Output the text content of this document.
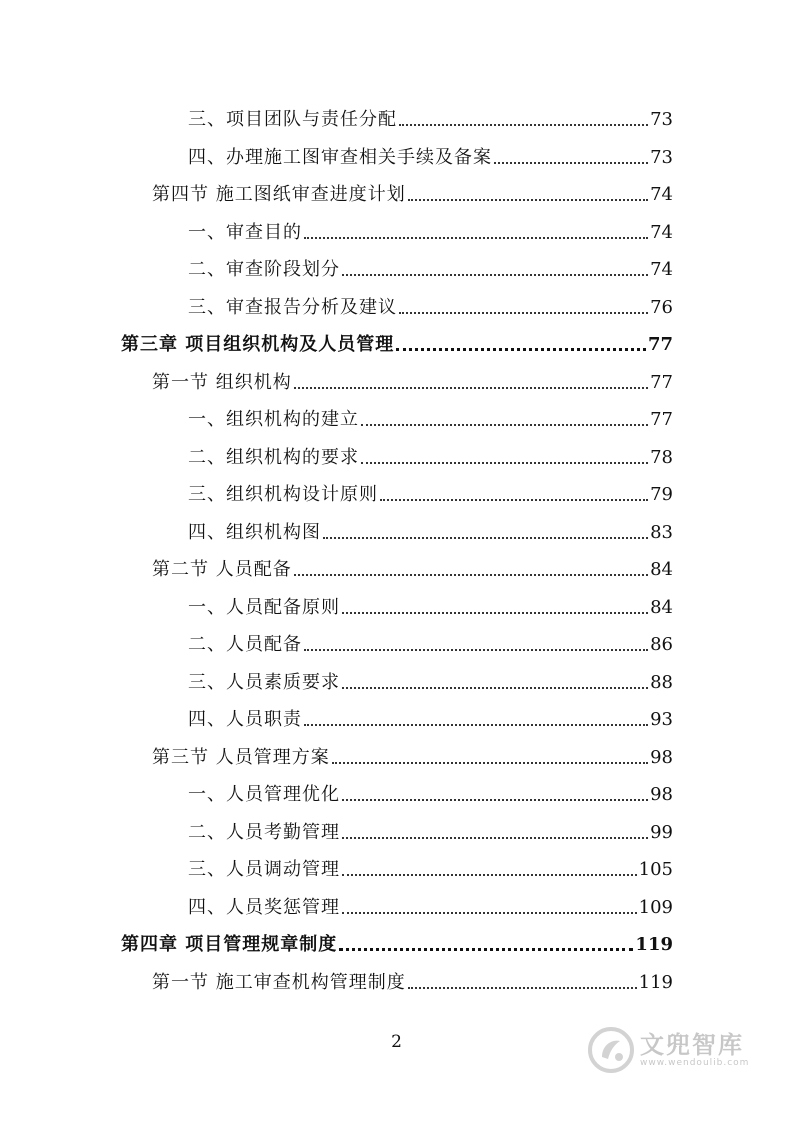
三、项目团队与责任分配	73
四、办理施工图审查相关手续及备案	73
第四节 施工图纸审查进度计划	74
一、审查目的	74
二、审查阶段划分	74
三、审查报告分析及建议	76
第三章 项目组织机构及人员管理	77
第一节 组织机构	77
一、组织机构的建立	77
二、组织机构的要求	78
三、组织机构设计原则	79
四、组织机构图	83
第二节 人员配备	84
一、人员配备原则	84
二、人员配备	86
三、人员素质要求	88
四、人员职责	93
第三节 人员管理方案	98
一、人员管理优化	98
二、人员考勤管理	99
三、人员调动管理	105
四、人员奖惩管理	109
第四章 项目管理规章制度	119
第一节 施工审查机构管理制度	119
2	文兜智库
www.wendoulib.com
